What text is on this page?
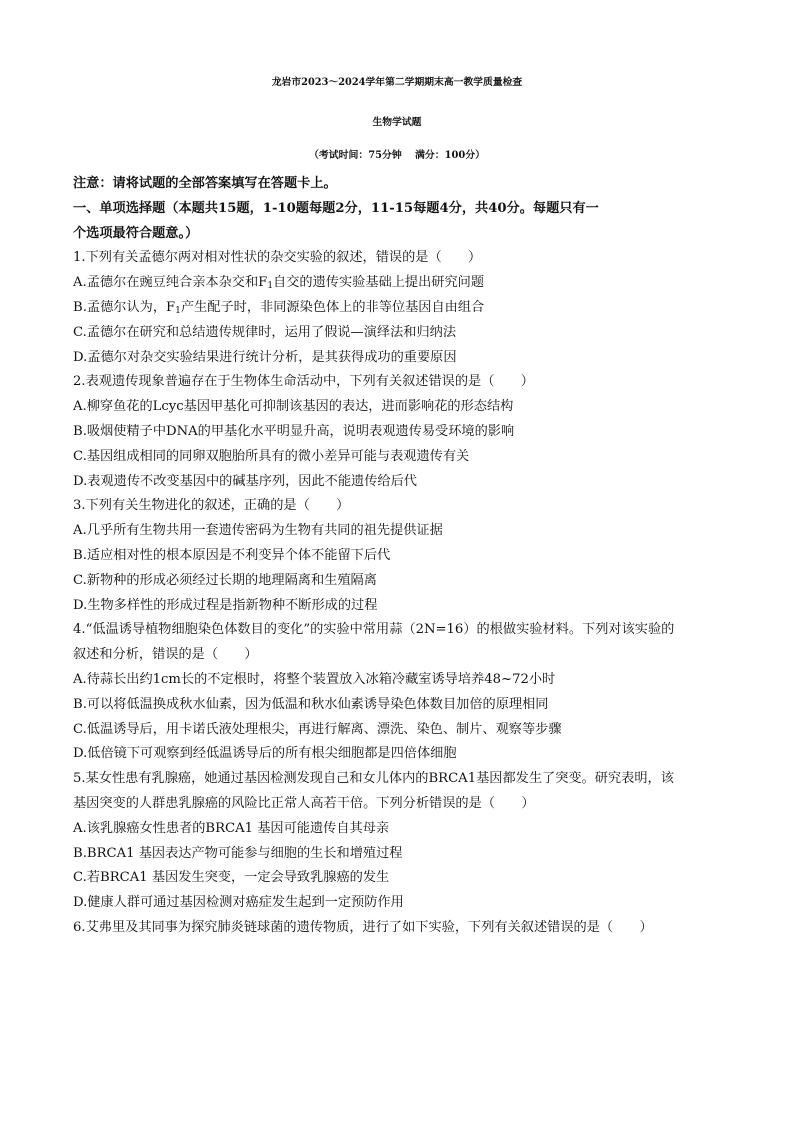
龙岩市2023～2024学年第二学期期末高一教学质量检查
生物学试题
（考试时间：75分钟　 满分：100分）
注意：请将试题的全部答案填写在答题卡上。
一、单项选择题（本题共15题，1-10题每题2分，11-15每题4分，共40分。每题只有一
个选项最符合题意。）
1.下列有关孟德尔两对相对性状的杂交实验的叙述，错误的是（　　）
A.孟德尔在豌豆纯合亲本杂交和$F_1$自交的遗传实验基础上提出研究问题
B.孟德尔认为，$F_1$产生配子时，非同源染色体上的非等位基因自由组合
C.孟德尔在研究和总结遗传规律时，运用了假说—演绎法和归纳法
D.孟德尔对杂交实验结果进行统计分析，是其获得成功的重要原因
2.表观遗传现象普遍存在于生物体生命活动中，下列有关叙述错误的是（　　）
A.柳穿鱼花的Lcyc基因甲基化可抑制该基因的表达，进而影响花的形态结构
B.吸烟使精子中DNA的甲基化水平明显升高，说明表观遗传易受环境的影响
C.基因组成相同的同卵双胞胎所具有的微小差异可能与表观遗传有关
D.表观遗传不改变基因中的碱基序列，因此不能遗传给后代
3.下列有关生物进化的叙述，正确的是（　　）
A.几乎所有生物共用一套遗传密码为生物有共同的祖先提供证据
B.适应相对性的根本原因是不利变异个体不能留下后代
C.新物种的形成必须经过长期的地理隔离和生殖隔离
D.生物多样性的形成过程是指新物种不断形成的过程
4.“低温诱导植物细胞染色体数目的变化”的实验中常用蒜（2N=16）的根做实验材料。下列对该实验的
叙述和分析，错误的是（　　）
A.待蒜长出约1cm长的不定根时，将整个装置放入冰箱冷藏室诱导培养48~72小时
B.可以将低温换成秋水仙素，因为低温和秋水仙素诱导染色体数目加倍的原理相同
C.低温诱导后，用卡诺氏液处理根尖，再进行解离、漂洗、染色、制片、观察等步骤
D.低倍镜下可观察到经低温诱导后的所有根尖细胞都是四倍体细胞
5.某女性患有乳腺癌，她通过基因检测发现自己和女儿体内的BRCA1基因都发生了突变。研究表明，该
基因突变的人群患乳腺癌的风险比正常人高若干倍。下列分析错误的是（　　）
A.该乳腺癌女性患者的BRCA1 基因可能遗传自其母亲
B.BRCA1 基因表达产物可能参与细胞的生长和增殖过程
C.若BRCA1 基因发生突变，一定会导致乳腺癌的发生
D.健康人群可通过基因检测对癌症发生起到一定预防作用
6.艾弗里及其同事为探究肺炎链球菌的遗传物质，进行了如下实验，下列有关叙述错误的是（　　）
